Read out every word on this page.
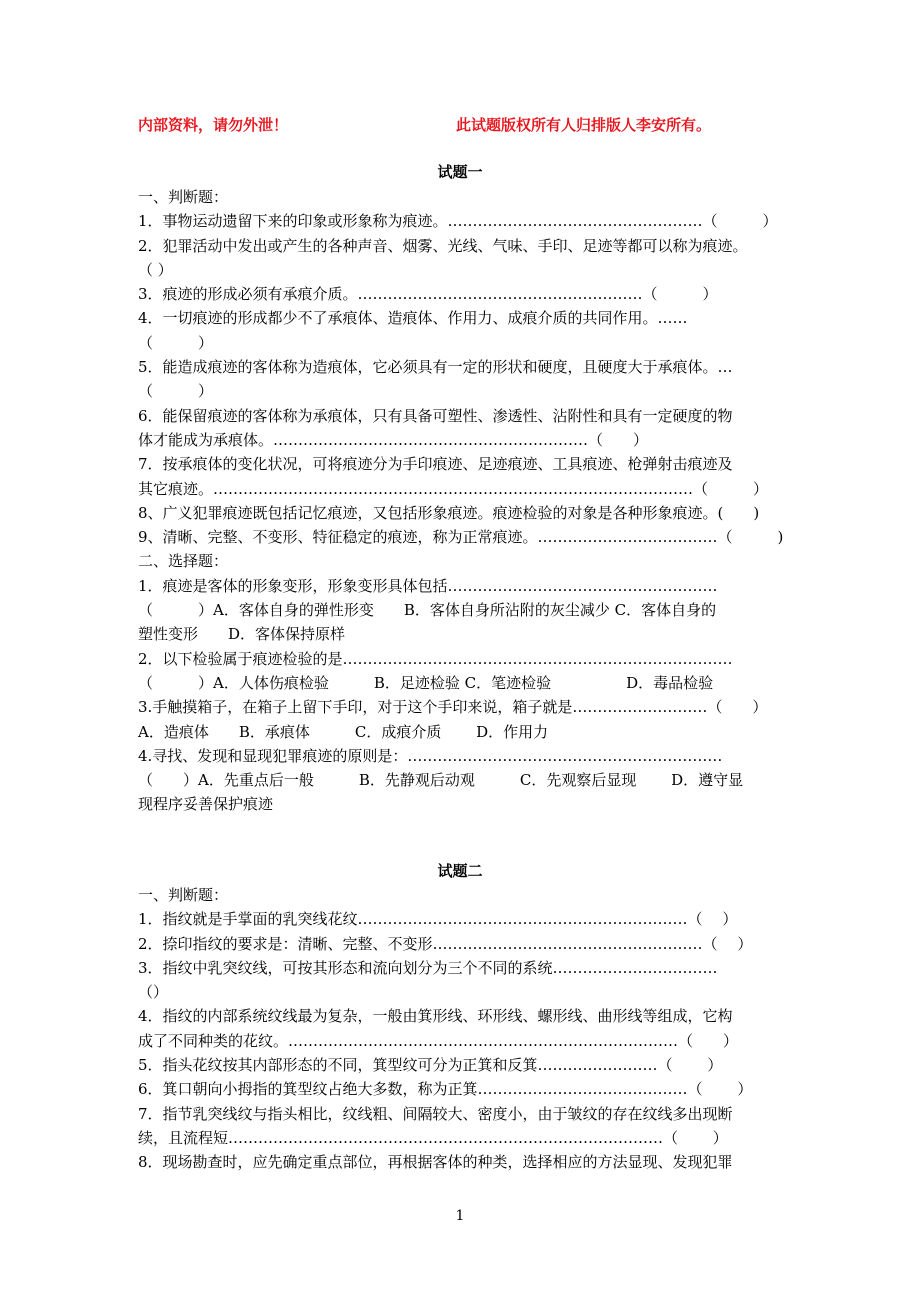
内部资料，请勿外泄！	此试题版权所有人归排版人李安所有。
试题一
一、判断题：
1．事物运动遗留下来的印象或形象称为痕迹。……………………………………………（　　　）
2．犯罪活动中发出或产生的各种声音、烟雾、光线、气味、手印、足迹等都可以称为痕迹。
（ ）
3．痕迹的形成必须有承痕介质。…………………………………………………（　　　）
4．一切痕迹的形成都少不了承痕体、造痕体、作用力、成痕介质的共同作用。……
（　　　）
5．能造成痕迹的客体称为造痕体，它必须具有一定的形状和硬度，且硬度大于承痕体。…
（　　　）
6．能保留痕迹的客体称为承痕体，只有具备可塑性、渗透性、沾附性和具有一定硬度的物
体才能成为承痕体。………………………………………………………（　　）
7．按承痕体的变化状况，可将痕迹分为手印痕迹、足迹痕迹、工具痕迹、枪弹射击痕迹及
其它痕迹。……………………………………………………………………………………（　　　）
8、广义犯罪痕迹既包括记忆痕迹，又包括形象痕迹。痕迹检验的对象是各种形象痕迹。(　　)
9、清晰、完整、不变形、特征稳定的痕迹，称为正常痕迹。………………………………（　　　)
二、选择题：
1．痕迹是客体的形象变形，形象变形具体包括………………………………………………
（　　　）A．客体自身的弹性形变　　B．客体自身所沾附的灰尘减少 C．客体自身的
塑性变形　　D．客体保持原样
2．以下检验属于痕迹检验的是……………………………………………………………………
（　　　）A．人体伤痕检验　　　B．足迹检验 C．笔迹检验　　　　　D．毒品检验
3.手触摸箱子，在箱子上留下手印，对于这个手印来说，箱子就是………………………（　　）
A．造痕体　　B．承痕体　　　C．成痕介质　　 D．作用力
4.寻找、发现和显现犯罪痕迹的原则是：………………………………………………………
（　　）A．先重点后一般　　　B．先静观后动观　　　C．先观察后显现　　 D．遵守显
现程序妥善保护痕迹
试题二
一、判断题：
1．指纹就是手掌面的乳突线花纹…………………………………………………………（　 ）
2．捺印指纹的要求是：清晰、完整、不变形………………………………………………（　 ）
3．指纹中乳突纹线，可按其形态和流向划分为三个不同的系统……………………………
（）
4．指纹的内部系统纹线最为复杂，一般由箕形线、环形线、螺形线、曲形线等组成，它构
成了不同种类的花纹。……………………………………………………………………（　　）
5．指头花纹按其内部形态的不同，箕型纹可分为正箕和反箕……………………（　　 ）
6．箕口朝向小拇指的箕型纹占绝大多数，称为正箕……………………………………（　　 ）
7．指节乳突线纹与指头相比，纹线粗、间隔较大、密度小，由于皱纹的存在纹线多出现断
续，且流程短……………………………………………………………………………（　　 ）
8．现场勘查时，应先确定重点部位，再根据客体的种类，选择相应的方法显现、发现犯罪
1
